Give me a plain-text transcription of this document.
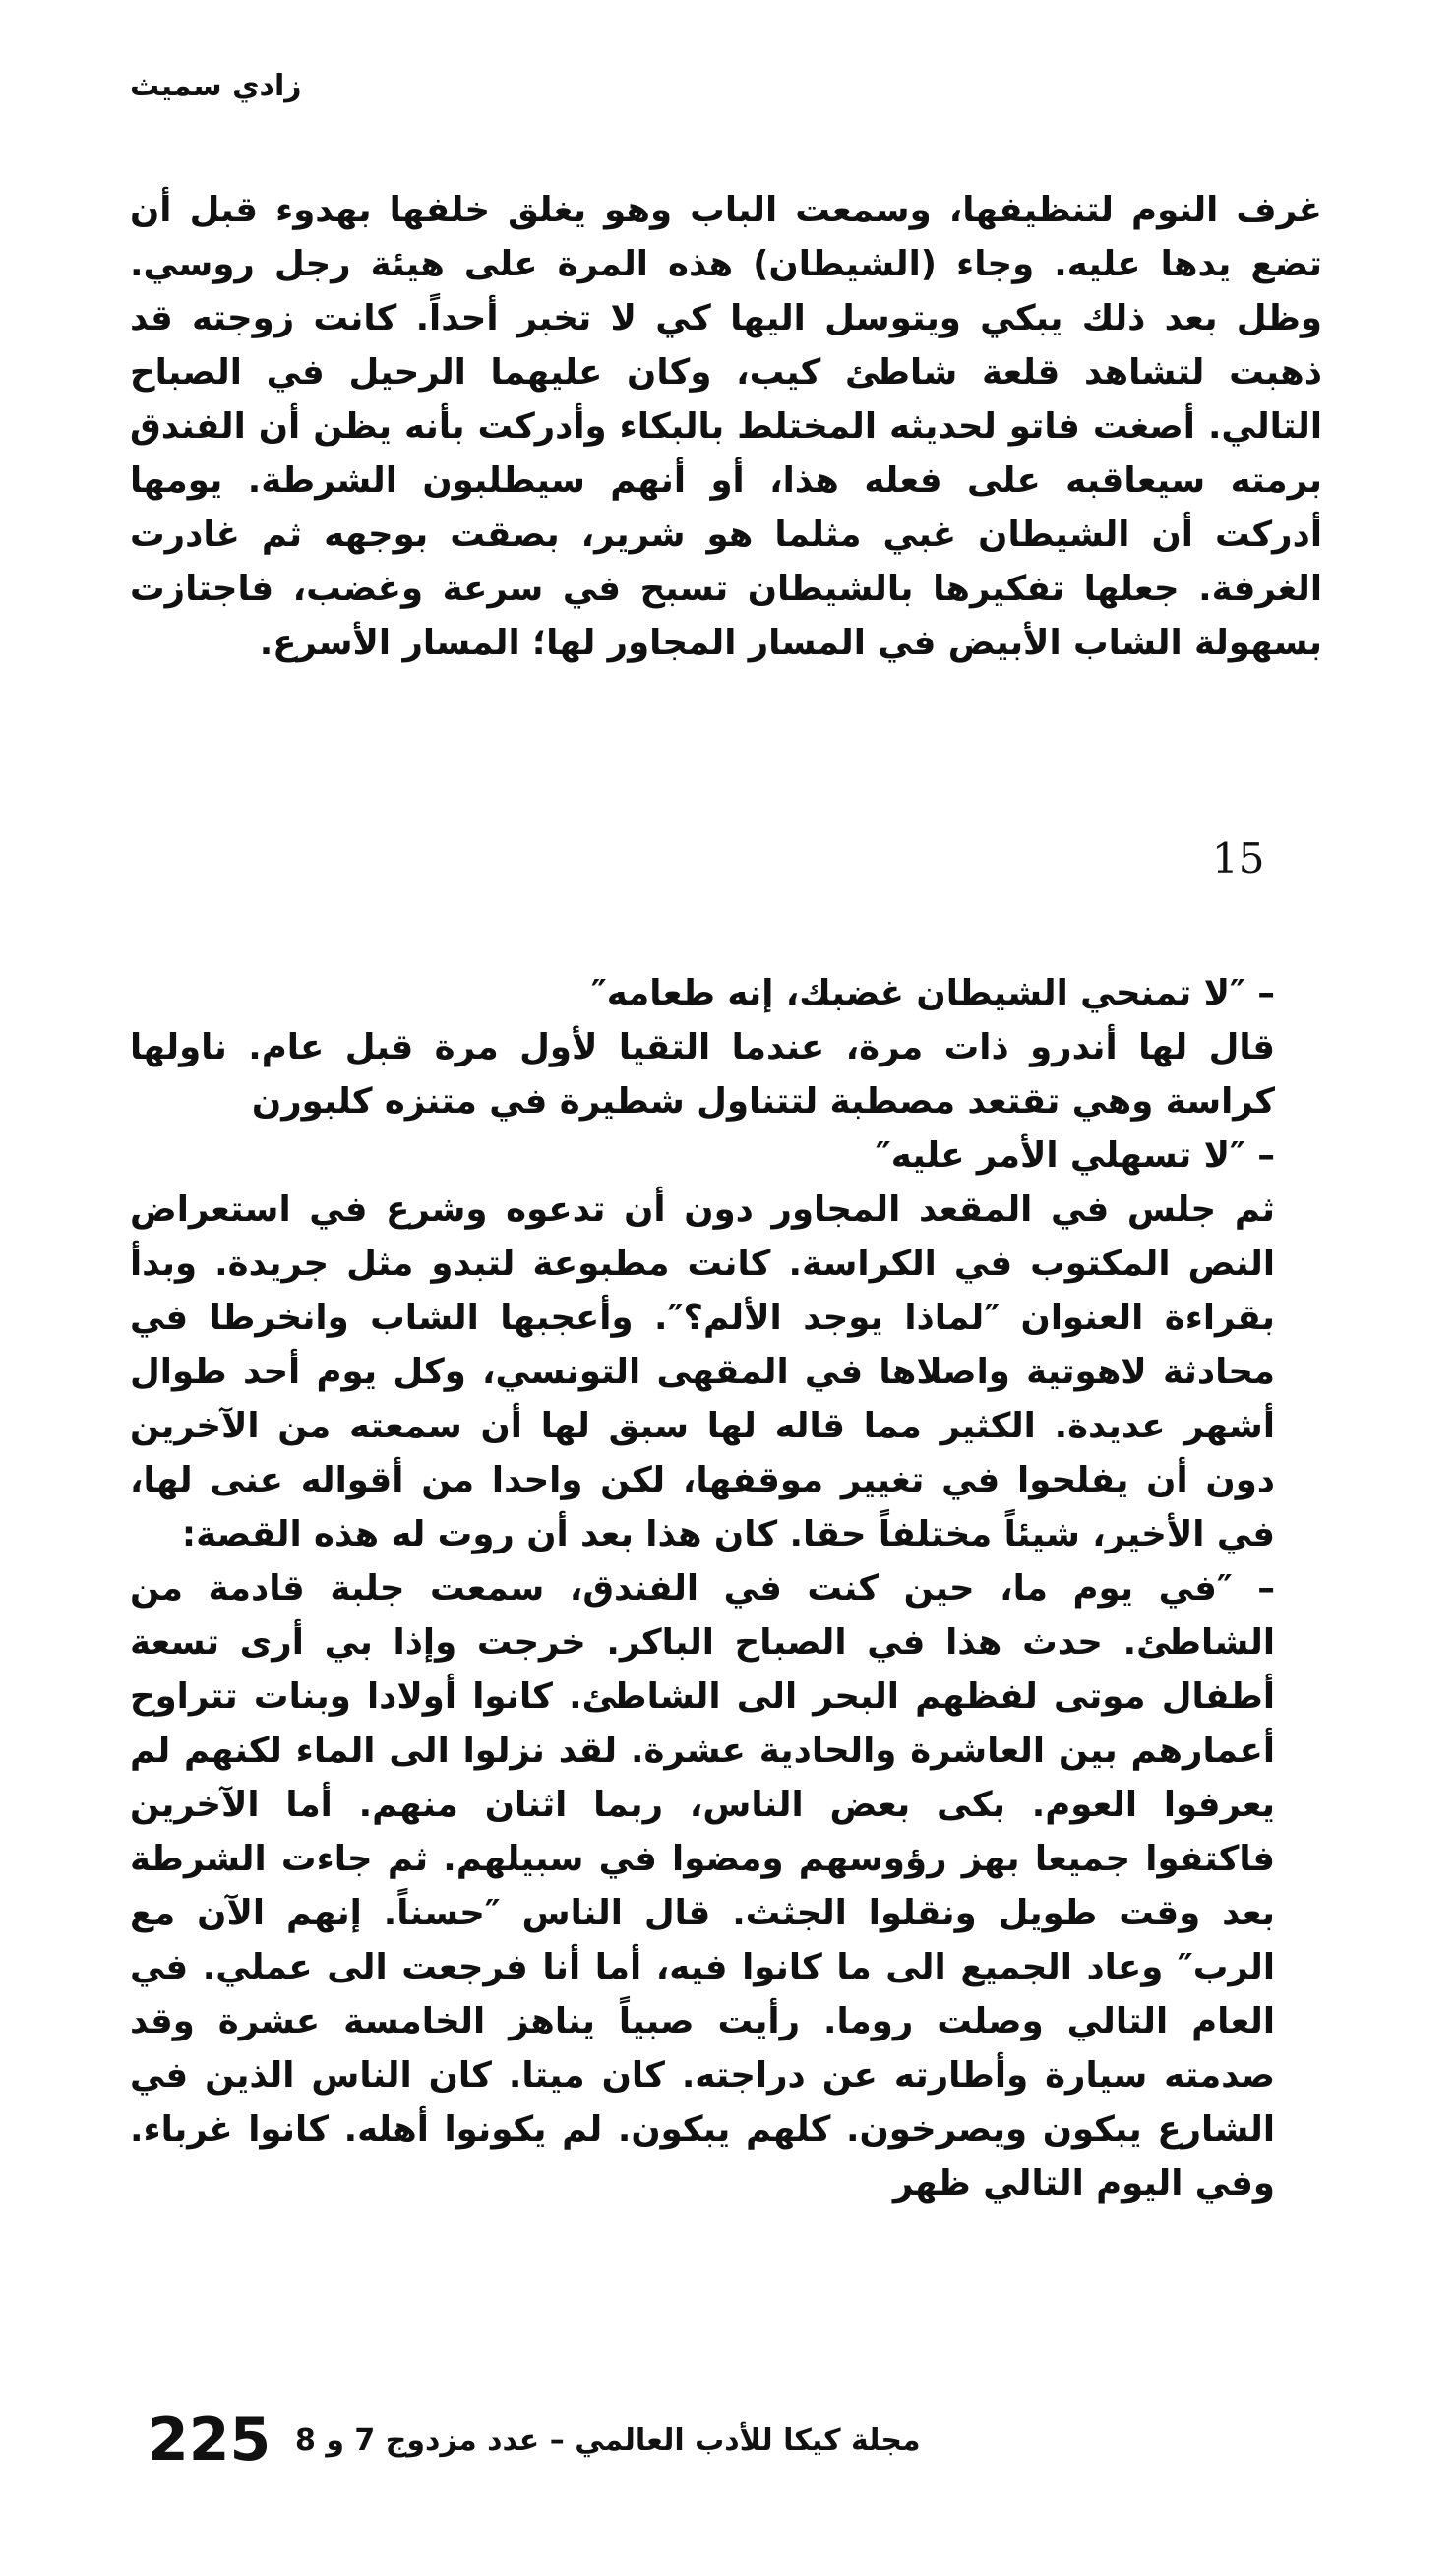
زادي سميث

غرف النوم لتنظيفها، وسمعت الباب وهو يغلق خلفها بهدوء قبل أن تضع يدها عليه. وجاء (الشيطان) هذه المرة على هيئة رجل روسي. وظل بعد ذلك يبكي ويتوسل اليها كي لا تخبر أحداً. كانت زوجته قد ذهبت لتشاهد قلعة شاطئ كيب، وكان عليهما الرحيل في الصباح التالي. أصغت فاتو لحديثه المختلط بالبكاء وأدركت بأنه يظن أن الفندق برمته سيعاقبه على فعله هذا، أو أنهم سيطلبون الشرطة. يومها أدركت أن الشيطان غبي مثلما هو شرير، بصقت بوجهه ثم غادرت الغرفة. جعلها تفكيرها بالشيطان تسبح في سرعة وغضب، فاجتازت بسهولة الشاب الأبيض في المسار المجاور لها؛ المسار الأسرع.

15

– ″لا تمنحي الشيطان غضبك، إنه طعامه″

قال لها أندرو ذات مرة، عندما التقيا لأول مرة قبل عام. ناولها كراسة وهي تقتعد مصطبة لتتناول شطيرة في متنزه كلبورن

– ″لا تسهلي الأمر عليه″

ثم جلس في المقعد المجاور دون أن تدعوه وشرع في استعراض النص المكتوب في الكراسة. كانت مطبوعة لتبدو مثل جريدة. وبدأ بقراءة العنوان ″لماذا يوجد الألم؟″. وأعجبها الشاب وانخرطا في محادثة لاهوتية واصلاها في المقهى التونسي، وكل يوم أحد طوال أشهر عديدة. الكثير مما قاله لها سبق لها أن سمعته من الآخرين دون أن يفلحوا في تغيير موقفها، لكن واحدا من أقواله عنى لها، في الأخير، شيئاً مختلفاً حقا. كان هذا بعد أن روت له هذه القصة:

– ″في يوم ما، حين كنت في الفندق، سمعت جلبة قادمة من الشاطئ. حدث هذا في الصباح الباكر. خرجت وإذا بي أرى تسعة أطفال موتى لفظهم البحر الى الشاطئ. كانوا أولادا وبنات تتراوح أعمارهم بين العاشرة والحادية عشرة. لقد نزلوا الى الماء لكنهم لم يعرفوا العوم. بكى بعض الناس، ربما اثنان منهم. أما الآخرين فاكتفوا جميعا بهز رؤوسهم ومضوا في سبيلهم. ثم جاءت الشرطة بعد وقت طويل ونقلوا الجثث. قال الناس ″حسناً. إنهم الآن مع الرب″ وعاد الجميع الى ما كانوا فيه، أما أنا فرجعت الى عملي. في العام التالي وصلت روما. رأيت صبياً يناهز الخامسة عشرة وقد صدمته سيارة وأطارته عن دراجته. كان ميتا. كان الناس الذين في الشارع يبكون ويصرخون. كلهم يبكون. لم يكونوا أهله. كانوا غرباء. وفي اليوم التالي ظهر

225 مجلة كيكا للأدب العالمي – عدد مزدوج 7 و 8
